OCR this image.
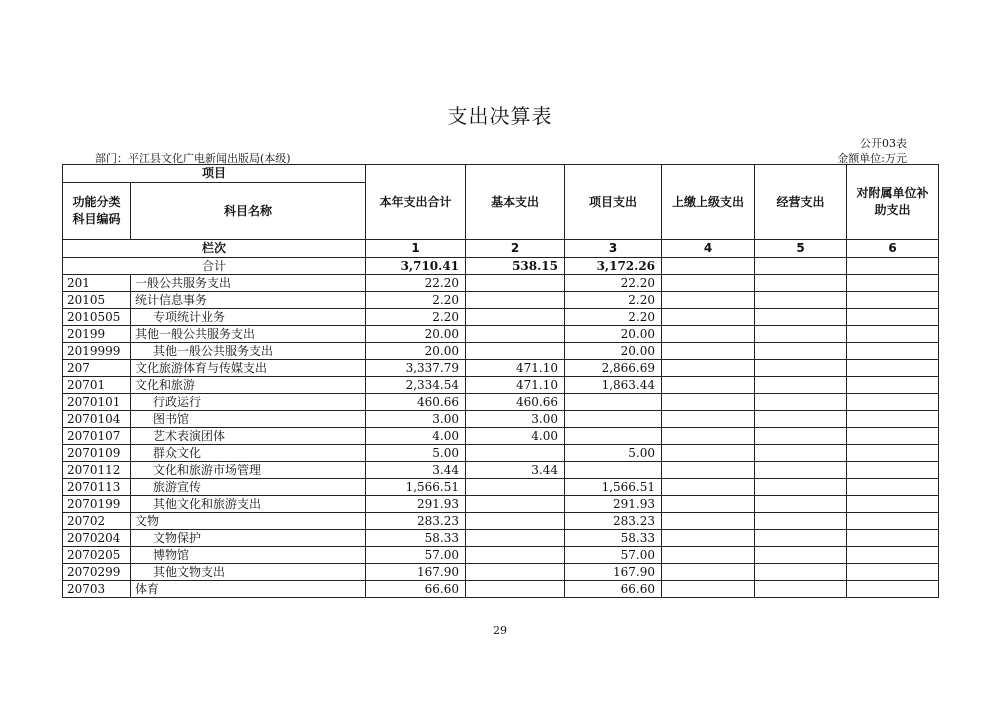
支出决算表
公开03表
部门：平江县文化广电新闻出版局(本级)	金额单位:万元
项目		本年支出合计	基本支出	项目支出	上缴上级支出	经营支出	对附属单位补助支出
功能分类科目编码	科目名称						
栏次		1	2	3	4	5	6
合计		3,710.41	538.15	3,172.26			
201	一般公共服务支出	22.20		22.20			
20105	统计信息事务	2.20		2.20			
2010505	专项统计业务	2.20		2.20			
20199	其他一般公共服务支出	20.00		20.00			
2019999	其他一般公共服务支出	20.00		20.00			
207	文化旅游体育与传媒支出	3,337.79	471.10	2,866.69			
20701	文化和旅游	2,334.54	471.10	1,863.44			
2070101	行政运行	460.66	460.66				
2070104	图书馆	3.00	3.00				
2070107	艺术表演团体	4.00	4.00				
2070109	群众文化	5.00		5.00			
2070112	文化和旅游市场管理	3.44	3.44				
2070113	旅游宣传	1,566.51		1,566.51			
2070199	其他文化和旅游支出	291.93		291.93			
20702	文物	283.23		283.23			
2070204	文物保护	58.33		58.33			
2070205	博物馆	57.00		57.00			
2070299	其他文物支出	167.90		167.90			
20703	体育	66.60		66.60			
29
